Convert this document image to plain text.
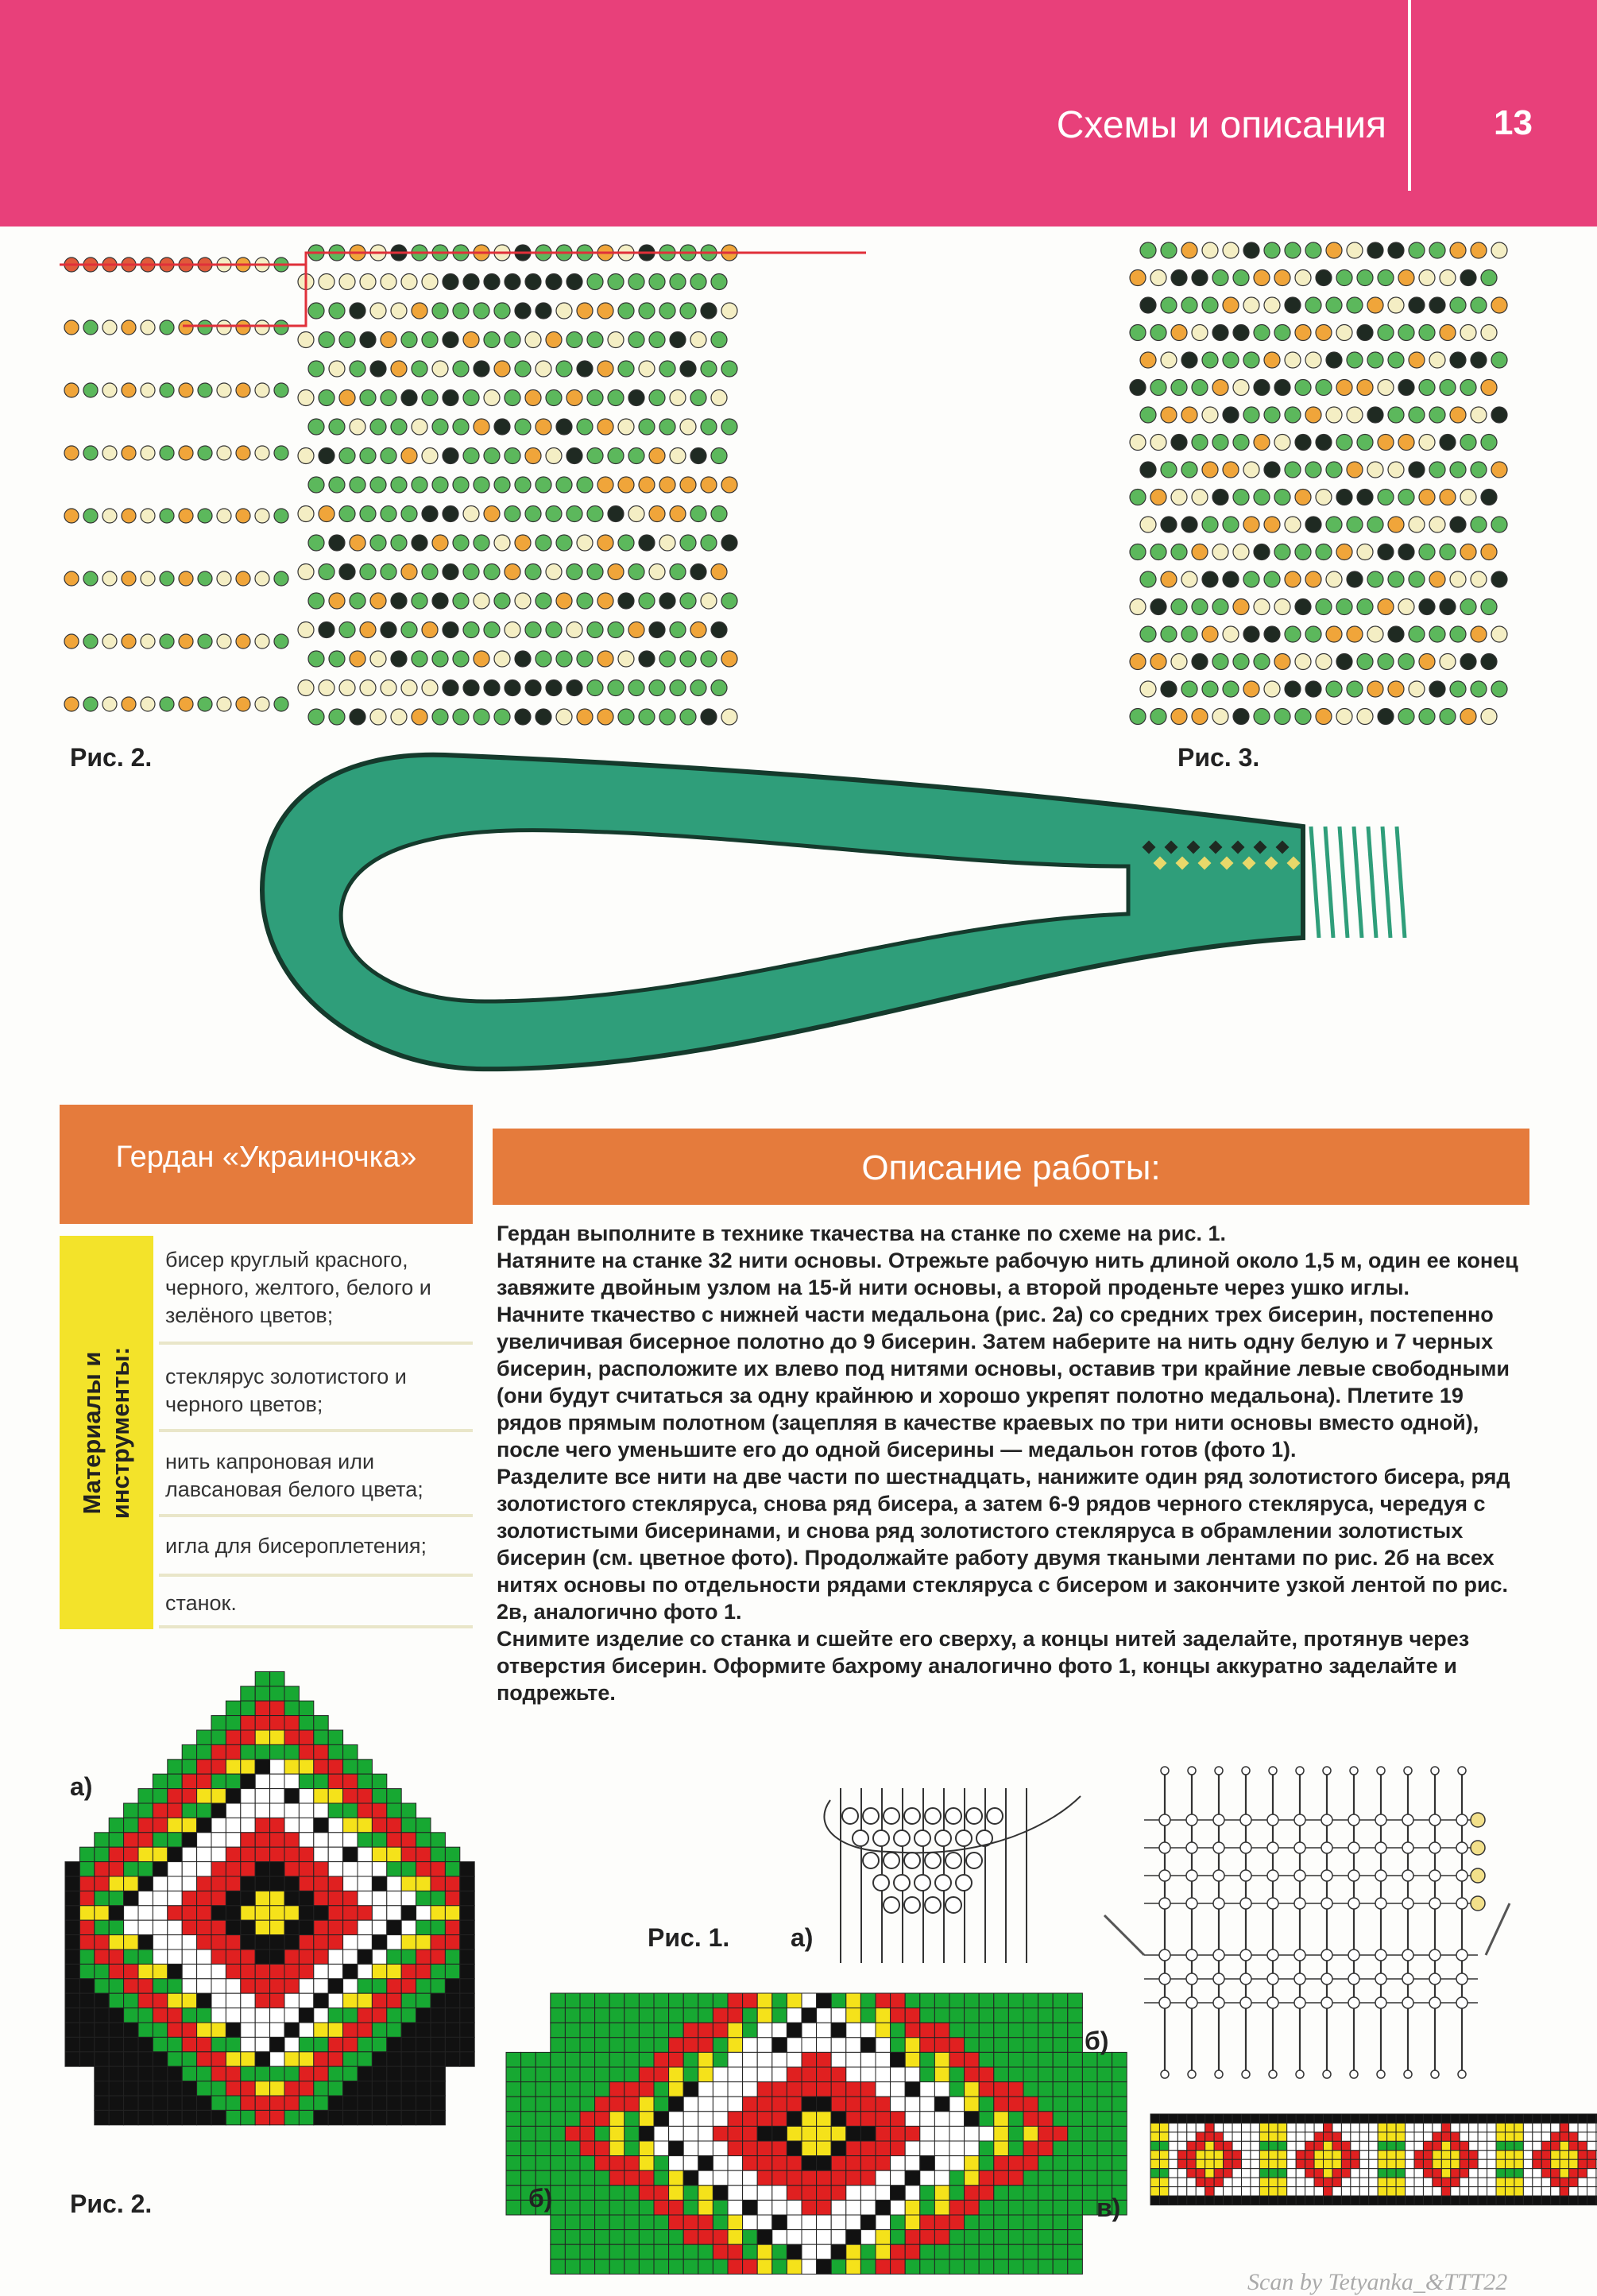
Схемы и описания	13
Рис. 2.	Рис. 3.
а)
Рис. 1. а)
б)
Рис. 2.	б)	в)
Гердан «Украиночка»	Описание работы:
Материалы и инструменты:
бисер круглый красного, черного, желтого, белого и зелёного цветов;
стеклярус золотистого и черного цветов;
нить капроновая или лавсановая белого цвета;
игла для бисероплетения;
станок.

Гердан выполните в технике ткачества на станке по схеме на рис. 1.

Натяните на станке 32 нити основы. Отрежьте рабочую нить длиной около 1,5 м, один ее конец завяжите двойным узлом на 15-й нити основы, а второй проденьте через ушко иглы.

Начните ткачество с нижней части медальона (рис. 2а) со средних трех бисерин, постепенно увеличивая бисерное полотно до 9 бисерин. Затем наберите на нить одну белую и 7 черных бисерин, расположите их влево под нитями основы, оставив три крайние левые свободными (они будут считаться за одну крайнюю и хорошо укрепят полотно медальона). Плетите 19 рядов прямым полотном (зацепляя в качестве краевых по три нити основы вместо одной), после чего уменьшите его до одной бисерины — медальон готов (фото 1).

Разделите все нити на две части по шестнадцать, нанижите один ряд золотистого бисера, ряд золотистого стекляруса, снова ряд бисера, а затем 6-9 рядов черного стекляруса, чередуя с золотистыми бисеринами, и снова ряд золотистого стекляруса в обрамлении золотистых бисерин (см. цветное фото). Продолжайте работу двумя ткаными лентами по рис. 2б на всех нитях основы по отдельности рядами стекляруса с бисером и закончите узкой лентой по рис. 2в, аналогично фото 1.

Снимите изделие со станка и сшейте его сверху, а концы нитей заделайте, протянув через отверстия бисерин. Оформите бахрому аналогично фото 1, концы аккуратно заделайте и подрежьте.

Scan by Tetyanka_&TTT22
